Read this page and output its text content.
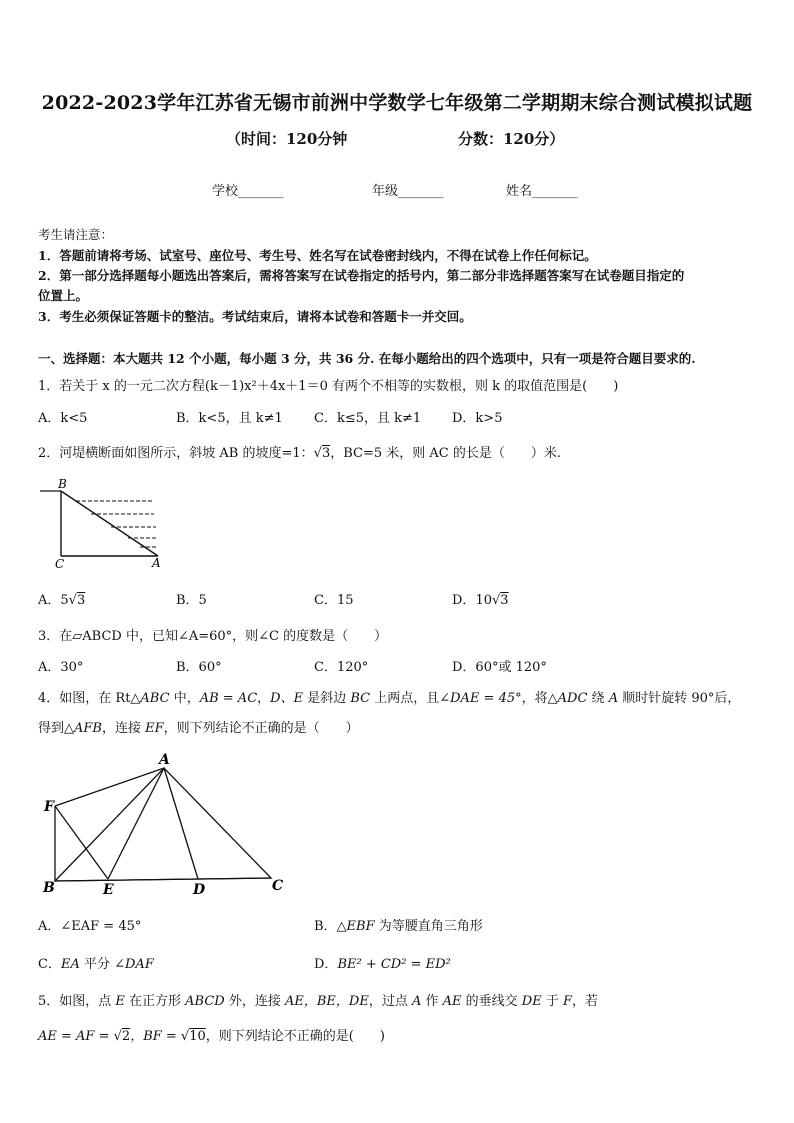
2022-2023学年江苏省无锡市前洲中学数学七年级第二学期期末综合测试模拟试题
（时间：120分钟	分数：120分）
学校_______	年级_______	姓名_______
考生请注意：
1．答题前请将考场、试室号、座位号、考生号、姓名写在试卷密封线内，不得在试卷上作任何标记。
2．第一部分选择题每小题选出答案后，需将答案写在试卷指定的括号内，第二部分非选择题答案写在试卷题目指定的
位置上。
3．考生必须保证答题卡的整洁。考试结束后，请将本试卷和答题卡一并交回。
一、选择题：本大题共 12 个小题，每小题 3 分，共 36 分. 在每小题给出的四个选项中，只有一项是符合题目要求的.
1．若关于 x 的一元二次方程(k－1)x²＋4x＋1＝0 有两个不相等的实数根，则 k 的取值范围是(　　)
A．k<5	B．k<5，且 k≠1 C．k≤5，且 k≠1 D．k>5
2．河堤横断面如图所示，斜坡 AB 的坡度=1：√3，BC=5 米，则 AC 的长是（　　）米.
B
C	A
A．5√3	B．5	C．15	D．10√3
3．在▱ABCD 中，已知∠A=60°，则∠C 的度数是（　　）
A．30°	B．60°	C．120°	D．60°或 120°
4．如图，在 Rt△ABC 中，AB = AC，D、E 是斜边 BC 上两点，且∠DAE = 45°，将△ADC 绕 A 顺时针旋转 90°后，
得到△AFB，连接 EF，则下列结论不正确的是（　　）
A
F
B	E	D	C
A．∠EAF = 45°	B．△EBF 为等腰直角三角形
C．EA 平分 ∠DAF	D．BE² + CD² = ED²
5．如图，点 E 在正方形 ABCD 外，连接 AE，BE，DE，过点 A 作 AE 的垂线交 DE 于 F，若
AE = AF = √2，BF = √10，则下列结论不正确的是(　　)
